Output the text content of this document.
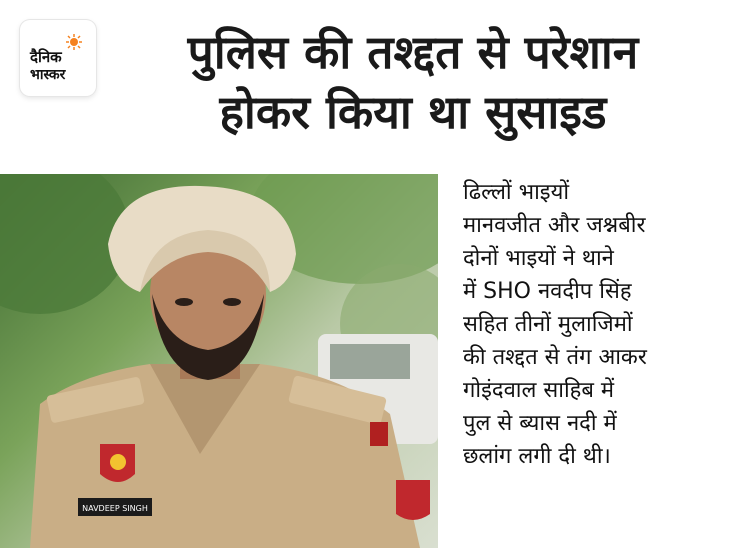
दैनिक
भास्कर	पुलिस की तश्द्दत से परेशान
होकर किया था सुसाइड
NAVDEEP SINGH
ढिल्लों भाइयों
मानवजीत और जश्नबीर
दोनों भाइयों ने थाने
में SHO नवदीप सिंह
सहित तीनों मुलाजिमों
की तश्द्दत से तंग आकर
गोइंदवाल साहिब में
पुल से ब्यास नदी में
छलांग लगी दी थी।
